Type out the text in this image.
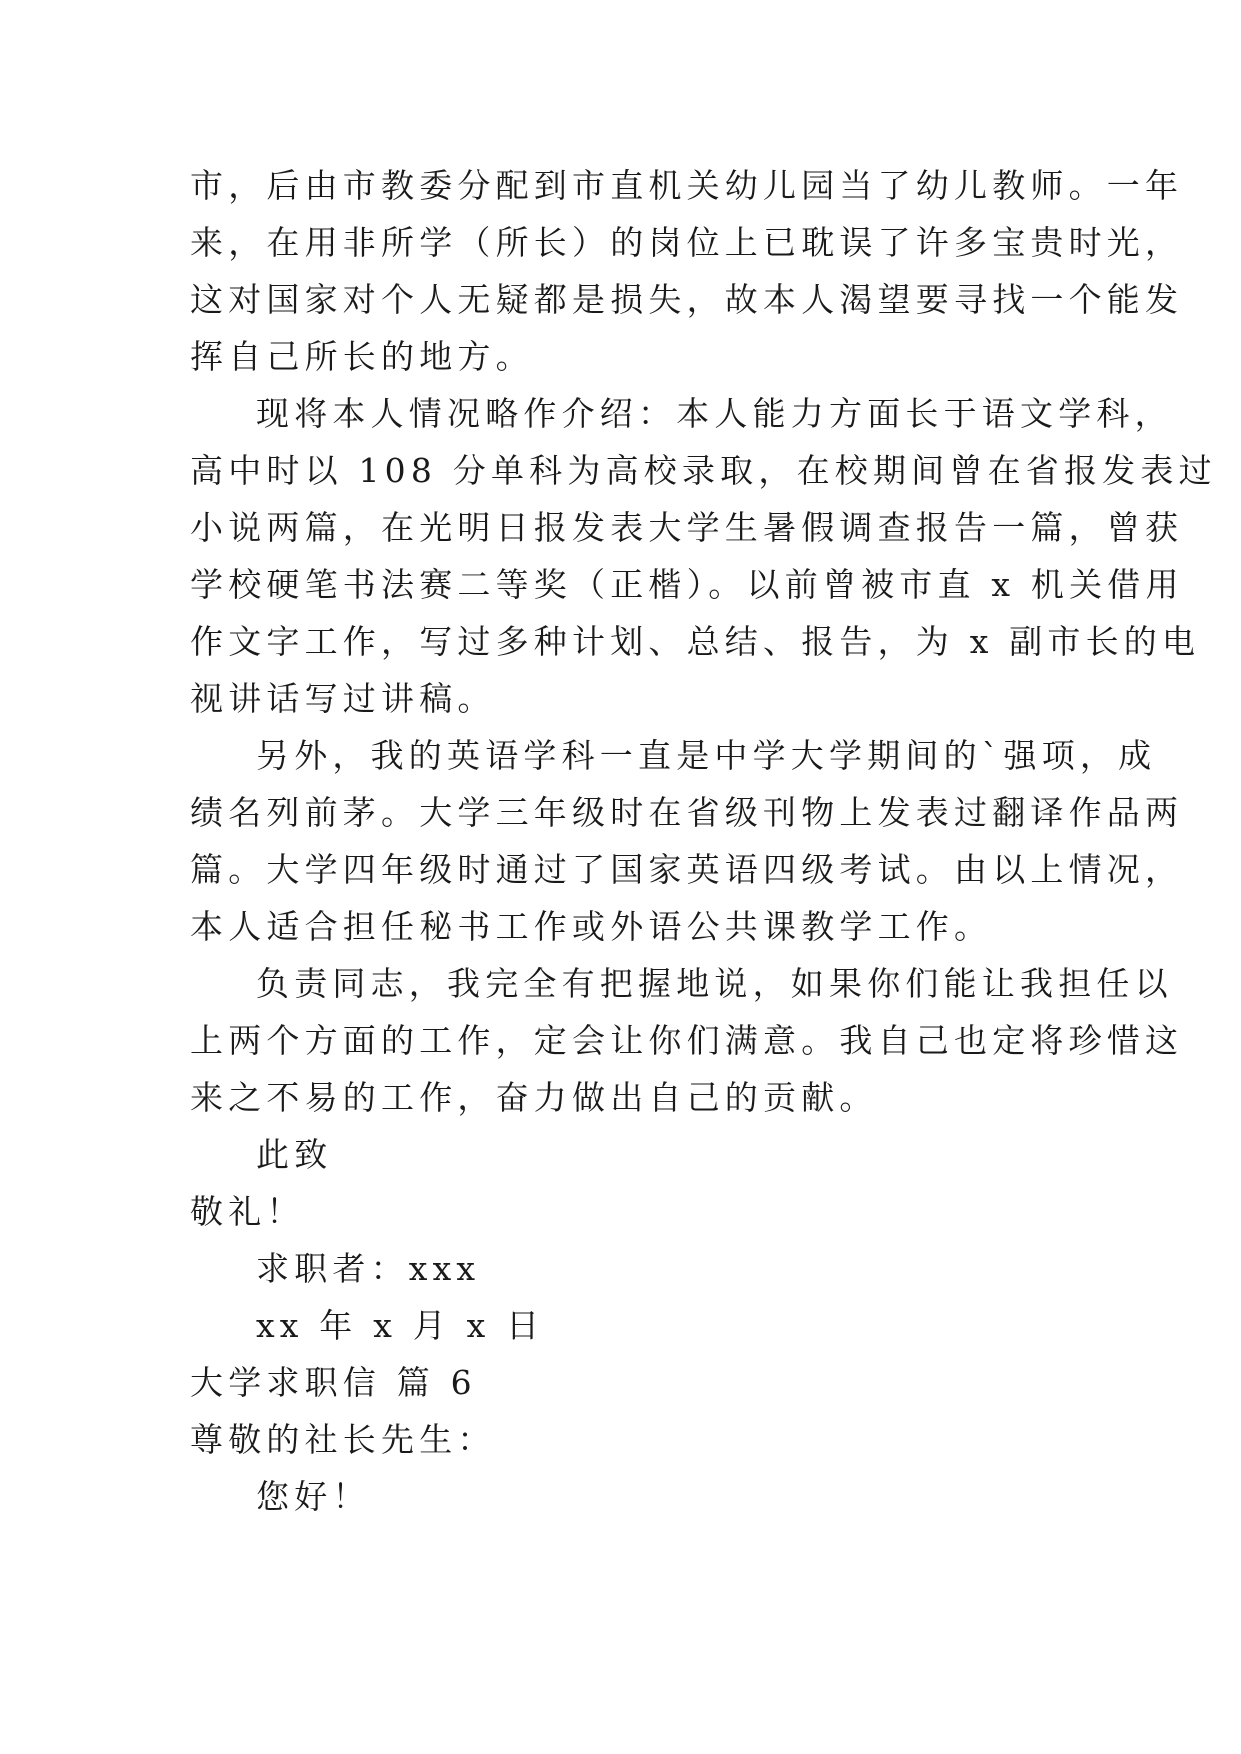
市，后由市教委分配到市直机关幼儿园当了幼儿教师。一年
来，在用非所学（所长）的岗位上已耽误了许多宝贵时光，
这对国家对个人无疑都是损失，故本人渴望要寻找一个能发
挥自己所长的地方。
现将本人情况略作介绍：本人能力方面长于语文学科，
高中时以 108 分单科为高校录取，在校期间曾在省报发表过
小说两篇，在光明日报发表大学生暑假调查报告一篇，曾获
学校硬笔书法赛二等奖（正楷）。以前曾被市直 x 机关借用
作文字工作，写过多种计划、总结、报告，为 x 副市长的电
视讲话写过讲稿。
另外，我的英语学科一直是中学大学期间的`强项，成
绩名列前茅。大学三年级时在省级刊物上发表过翻译作品两
篇。大学四年级时通过了国家英语四级考试。由以上情况，
本人适合担任秘书工作或外语公共课教学工作。
负责同志，我完全有把握地说，如果你们能让我担任以
上两个方面的工作，定会让你们满意。我自己也定将珍惜这
来之不易的工作，奋力做出自己的贡献。
此致
敬礼！
求职者：xxx
xx 年 x 月 x 日
大学求职信 篇 6
尊敬的社长先生：
您好！
